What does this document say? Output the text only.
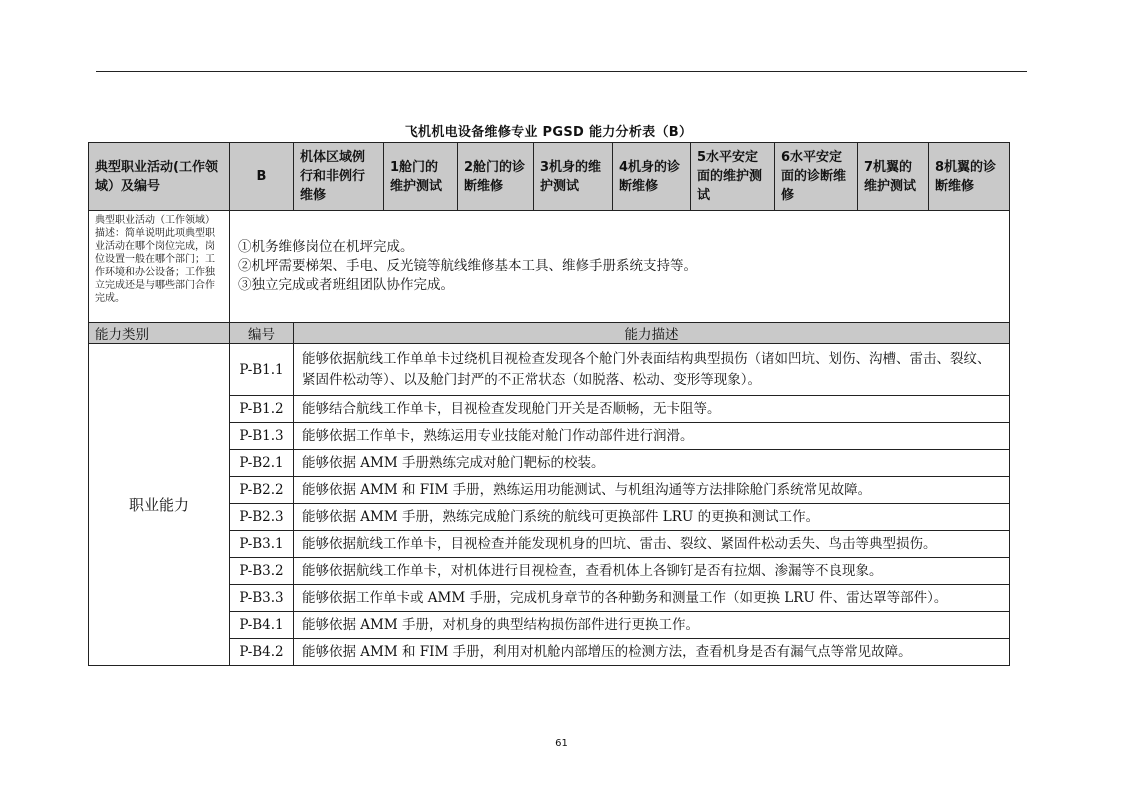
飞机机电设备维修专业 PGSD 能力分析表（B）
典型职业活动(工作领域）及编号	B	机体区域例行和非例行维修	1舱门的维护测试	2舱门的诊断维修	3机身的维护测试	4机身的诊断维修	5水平安定面的维护测试	6水平安定面的诊断维修	7机翼的维护测试	8机翼的诊断维修
典型职业活动（工作领域）描述：简单说明此项典型职业活动在哪个岗位完成，岗位设置一般在哪个部门；工作环境和办公设备；工作独立完成还是与哪些部门合作完成。	①机务维修岗位在机坪完成。
②机坪需要梯架、手电、反光镜等航线维修基本工具、维修手册系统支持等。
③独立完成或者班组团队协作完成。									

能力类别	编号	能力描述								
职业能力	P-B1.1	能够依据航线工作单单卡过绕机目视检查发现各个舱门外表面结构典型损伤（诸如凹坑、划伤、沟槽、雷击、裂纹、紧固件松动等）、以及舱门封严的不正常状态（如脱落、松动、变形等现象）。								
	P-B1.2	能够结合航线工作单卡，目视检查发现舱门开关是否顺畅，无卡阻等。								
	P-B1.3	能够依据工作单卡，熟练运用专业技能对舱门作动部件进行润滑。								
	P-B2.1	能够依据 AMM 手册熟练完成对舱门靶标的校装。								
	P-B2.2	能够依据 AMM 和 FIM 手册，熟练运用功能测试、与机组沟通等方法排除舱门系统常见故障。								
	P-B2.3	能够依据 AMM 手册，熟练完成舱门系统的航线可更换部件 LRU 的更换和测试工作。								
	P-B3.1	能够依据航线工作单卡，目视检查并能发现机身的凹坑、雷击、裂纹、紧固件松动丢失、鸟击等典型损伤。								
	P-B3.2	能够依据航线工作单卡，对机体进行目视检查，查看机体上各铆钉是否有拉烟、渗漏等不良现象。								
	P-B3.3	能够依据工作单卡或 AMM 手册，完成机身章节的各种勤务和测量工作（如更换 LRU 件、雷达罩等部件）。								
	P-B4.1	能够依据 AMM 手册，对机身的典型结构损伤部件进行更换工作。								
	P-B4.2	能够依据 AMM 和 FIM 手册，利用对机舱内部增压的检测方法，查看机身是否有漏气点等常见故障。								
61
